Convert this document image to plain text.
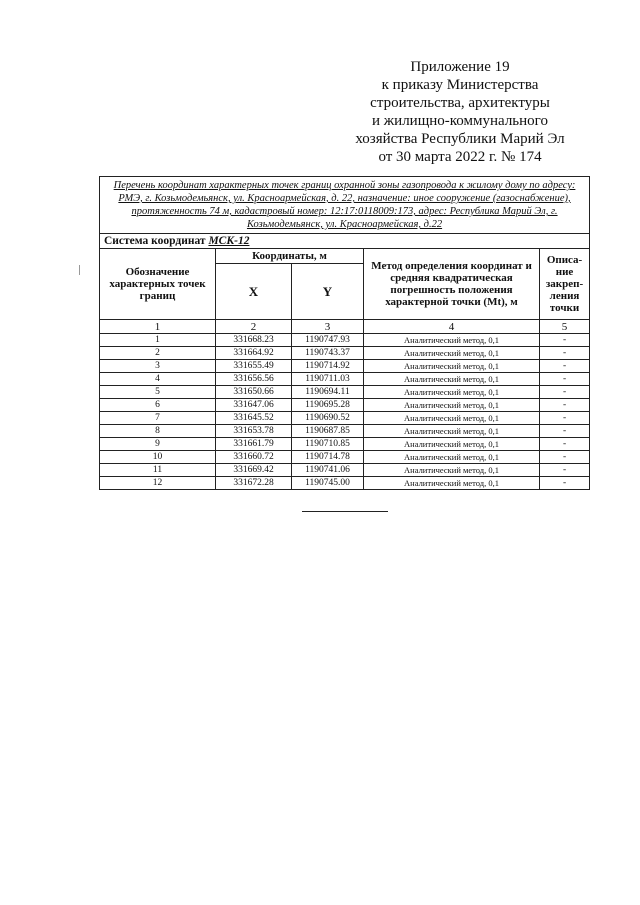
Приложение 19
к приказу Министерства
строительства, архитектуры
и жилищно-коммунального
хозяйства Республики Марий Эл
от 30 марта 2022 г. № 174
Перечень координат характерных точек границ охранной зоны газопровода к жилому дому по адресу: РМЭ, г. Козьмодемьянск, ул. Красноармейская, д. 22, назначение: иное сооружение (газоснабжение), протяженность 74 м, кадастровый номер: 12:17:0118009:173, адрес: Республика Марий Эл, г. Козьмодемьянск, ул. Красноармейская, д.22				
Система координат МСК-12				
Обозначение характерных точек границ	Координаты, м		Метод определения координат и средняя квадратическая погрешность положения характерной точки (Mt), м	Описа-ние закреп-ления точки
	X	Y		
1	2	3	4	5
1	331668.23	1190747.93	Аналитический метод, 0,1	-
2	331664.92	1190743.37	Аналитический метод, 0,1	-
3	331655.49	1190714.92	Аналитический метод, 0,1	-
4	331656.56	1190711.03	Аналитический метод, 0,1	-
5	331650.66	1190694.11	Аналитический метод, 0,1	-
6	331647.06	1190695.28	Аналитический метод, 0,1	-
7	331645.52	1190690.52	Аналитический метод, 0,1	-
8	331653.78	1190687.85	Аналитический метод, 0,1	-
9	331661.79	1190710.85	Аналитический метод, 0,1	-
10	331660.72	1190714.78	Аналитический метод, 0,1	-
11	331669.42	1190741.06	Аналитический метод, 0,1	-
12	331672.28	1190745.00	Аналитический метод, 0,1	-
